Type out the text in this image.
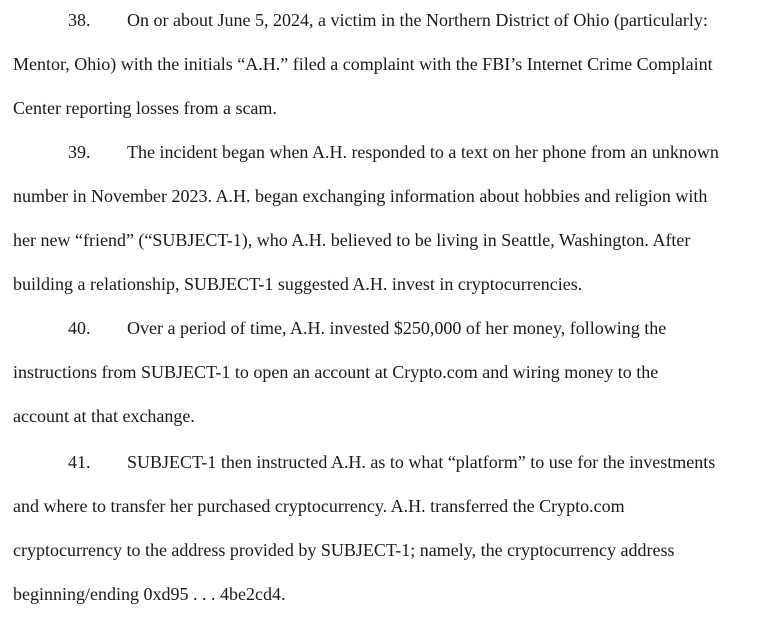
38. On or about June 5, 2024, a victim in the Northern District of Ohio (particularly:
Mentor, Ohio) with the initials “A.H.” filed a complaint with the FBI’s Internet Crime Complaint
Center reporting losses from a scam.
39. The incident began when A.H. responded to a text on her phone from an unknown
number in November 2023. A.H. began exchanging information about hobbies and religion with
her new “friend” (“SUBJECT-1), who A.H. believed to be living in Seattle, Washington. After
building a relationship, SUBJECT-1 suggested A.H. invest in cryptocurrencies.
40. Over a period of time, A.H. invested $250,000 of her money, following the
instructions from SUBJECT-1 to open an account at Crypto.com and wiring money to the
account at that exchange.
41. SUBJECT-1 then instructed A.H. as to what “platform” to use for the investments
and where to transfer her purchased cryptocurrency. A.H. transferred the Crypto.com
cryptocurrency to the address provided by SUBJECT-1; namely, the cryptocurrency address
beginning/ending 0xd95 . . . 4be2cd4.
